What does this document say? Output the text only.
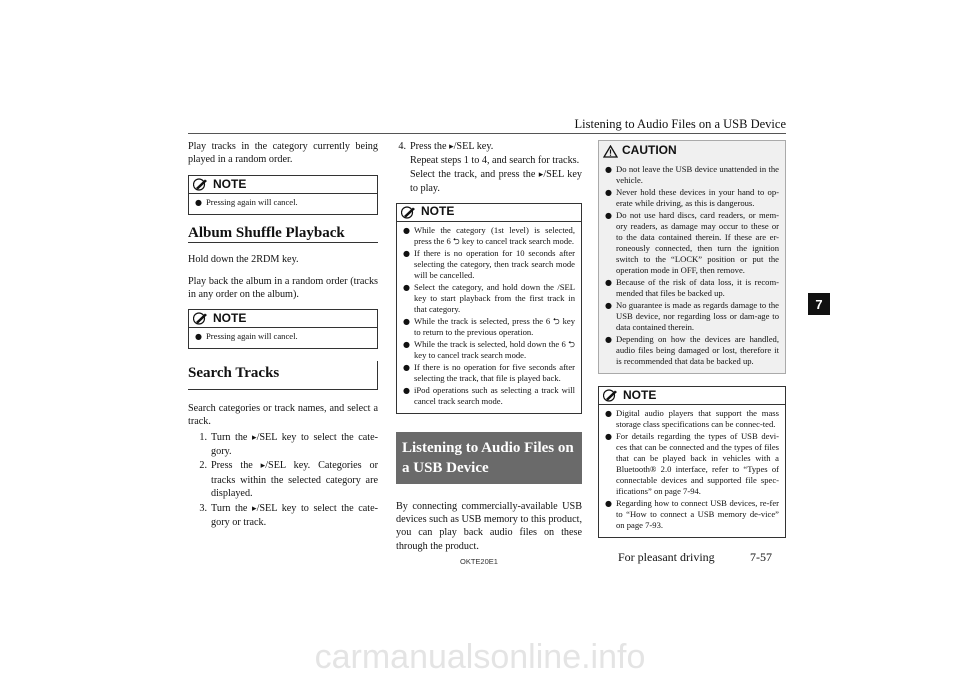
Listening to Audio Files on a USB Device

Play tracks in the category currently being played in a random order.

NOTE
● Pressing again will cancel.
Album Shuffle Playback

Hold down the 2RDM key.

Play back the album in a random order (tracks in any order on the album).

NOTE
● Pressing again will cancel.
Search Tracks

Search categories or track names, and select a track.

1. Turn the ▸/SEL key to select the cate-gory.
2. Press the ▸/SEL key. Categories or tracks within the selected category are displayed.
3. Turn the ▸/SEL key to select the cate-gory or track.
4. Press the ▸/SEL key.
Repeat steps 1 to 4, and search for tracks.
Select the track, and press the ▸/SEL key to play.
NOTE
● While the category (1st level) is selected, press the 6 ⮌ key to cancel track search mode.
● If there is no operation for 10 seconds after selecting the category, then track search mode will be cancelled.
● Select the category, and hold down the /SEL key to start playback from the first track in that category.
● While the track is selected, press the 6 ⮌ key to return to the previous operation.
● While the track is selected, hold down the 6 ⮌ key to cancel track search mode.
● If there is no operation for five seconds after selecting the track, that file is played back.
● iPod operations such as selecting a track will cancel track search mode.
Listening to Audio Files on a USB Device

By connecting commercially-available USB devices such as USB memory to this product, you can play back audio files on these through the product.

CAUTION
● Do not leave the USB device unattended in the vehicle.
● Never hold these devices in your hand to op-erate while driving, as this is dangerous.
● Do not use hard discs, card readers, or mem-ory readers, as damage may occur to these or to the data contained therein. If these are er-roneously connected, then turn the ignition switch to the “LOCK” position or put the operation mode in OFF, then remove.
● Because of the risk of data loss, it is recom-mended that files be backed up.
● No guarantee is made as regards damage to the USB device, nor regarding loss or dam-age to data contained therein.
● Depending on how the devices are handled, audio files being damaged or lost, therefore it is recommended that data be backed up.
NOTE
● Digital audio players that support the mass storage class specifications can be connec-ted.
● For details regarding the types of USB devi-ces that can be connected and the types of files that can be played back in vehicles with a Bluetooth® 2.0 interface, refer to “Types of connectable devices and supported file spec-ifications” on page 7-94.
● Regarding how to connect USB devices, re-fer to “How to connect a USB memory de-vice” on page 7-93.
7
OKTE20E1	For pleasant driving	7-57
carmanualsonline.info
